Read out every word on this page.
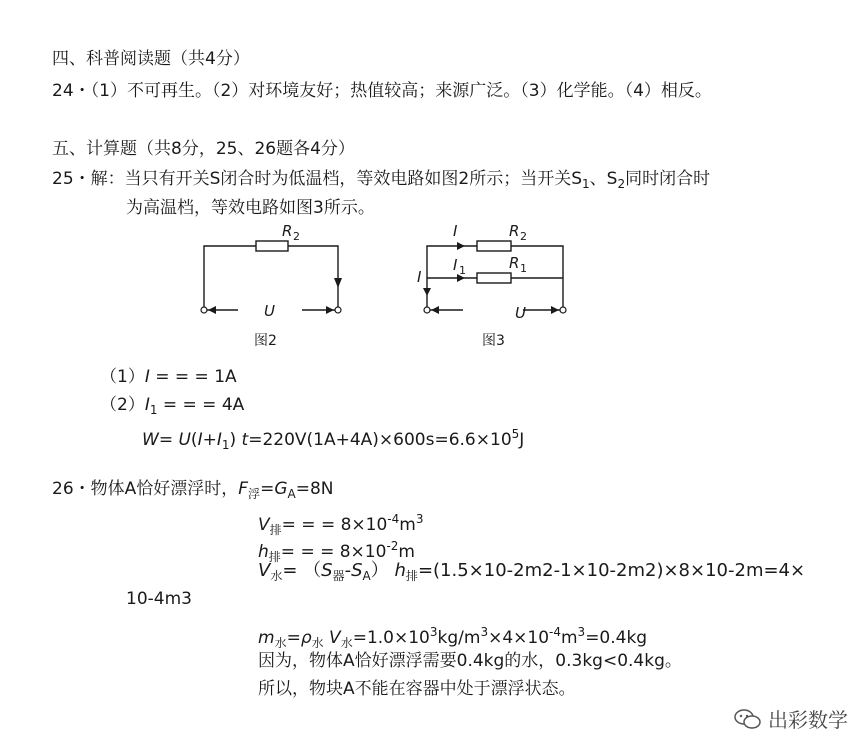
四、科普阅读题（共4分）
24・（1）不可再生。（2）对环境友好；热值较高；来源广泛。（3）化学能。（4）相反。
五、计算题（共8分，25、26题各4分）
25・解：当只有开关S闭合时为低温档，等效电路如图2所示；当开关$S_1$、$S_2$同时闭合时
为高温档，等效电路如图3所示。
R 2
U
图2
I	R 2
I
I 1	R 1
U
图3
（1）I = = = 1A
$(2)I_1$ = = = 4A
$W= U(I+I_1)$ $t=220V(1A+4A)\times 600s=6.6\times 10^5J$
26・物体A恰好漂浮时，$F_浮=G_A=8N$
$V_排=$ = = $8\times 10^{-4}m^3$
$h_排=$ = = $8\times 10^{-2}m$
$V_水= (S_器-S_A)$ $h_排=(1.5\times 10-2m2-1\times 10-2m2)\times 8\times 10-2m=4\times$
10-4m3
$m_水=\rho_水$ $V_水=1.0\times 10^3kg/m^3\times 4\times 10^{-4}m^3=0.4kg$
因为，物体A恰好漂浮需要0.4kg的水，0.3kg<0.4kg。
所以，物块A不能在容器中处于漂浮状态。
出彩数学
